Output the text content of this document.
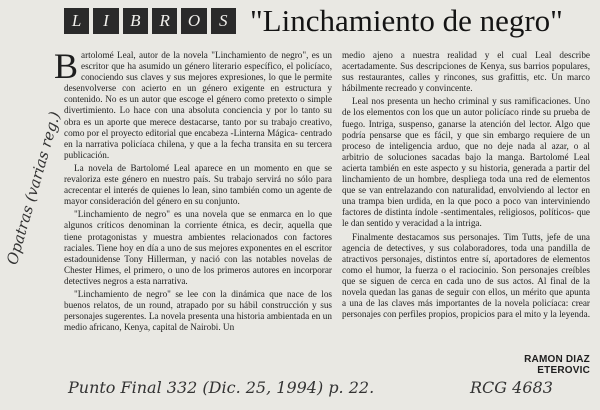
L	I	B	R	O	S "Linchamiento de negro"

Bartolomé Leal, autor de la novela "Linchamiento de negro", es un escritor que ha asumido un género literario específico, el policíaco, conociendo sus claves y sus mejores expresiones, lo que le permite desenvolverse con acierto en un género exigente en estructura y contenido. No es un autor que escoge el género como pretexto o simple divertimiento. Lo hace con una absoluta conciencia y por lo tanto su obra es un aporte que merece destacarse, tanto por su trabajo creativo, como por el proyecto editorial que encabeza -Linterna Mágica- centrado en la narrativa policíaca chilena, y que a la fecha transita en su tercera publicación.

La novela de Bartolomé Leal aparece en un momento en que se revaloriza este género en nuestro país. Su trabajo servirá no sólo para acrecentar el interés de quienes lo lean, sino también como un agente de mayor consideración del género en su conjunto.

"Linchamiento de negro" es una novela que se enmarca en lo que algunos críticos denominan la corriente étnica, es decir, aquella que tiene protagonistas y muestra ambientes relacionados con factores raciales. Tiene hoy en día a uno de sus mejores exponentes en el escritor estadounidense Tony Hillerman, y nació con las notables novelas de Chester Himes, el primero, o uno de los primeros autores en incorporar detectives negros a esta narrativa.

"Linchamiento de negro" se lee con la dinámica que nace de los buenos relatos, de un round, atrapado por su hábil construcción y sus personajes sugerentes. La novela presenta una historia ambientada en un medio africano, Kenya, capital de Nairobi. Un

medio ajeno a nuestra realidad y el cual Leal describe acertadamente. Sus descripciones de Kenya, sus barrios populares, sus restaurantes, calles y rincones, sus grafittis, etc. Un marco hábilmente recreado y convincente.

Leal nos presenta un hecho criminal y sus ramificaciones. Uno de los elementos con los que un autor policíaco rinde su prueba de fuego. Intriga, suspenso, ganarse la atención del lector. Algo que podría pensarse que es fácil, y que sin embargo requiere de un proceso de inteligencia arduo, que no deje nada al azar, o al arbitrio de soluciones sacadas bajo la manga. Bartolomé Leal acierta también en este aspecto y su historia, generada a partir del linchamiento de un hombre, despliega toda una red de elementos que se van entrelazando con naturalidad, envolviendo al lector en una trampa bien urdida, en la que poco a poco van interviniendo factores de distinta índole -sentimentales, religiosos, políticos- que le dan sentido y veracidad a la intriga.

Finalmente destacamos sus personajes. Tim Tutts, jefe de una agencia de detectives, y sus colaboradores, toda una pandilla de atractivos personajes, distintos entre sí, aportadores de elementos como el humor, la fuerza o el raciocinio. Son personajes creíbles que se siguen de cerca en cada uno de sus actos. Al final de la novela quedan las ganas de seguir con ellos, un mérito que apunta a una de las claves más importantes de la novela policíaca: crear personajes con perfiles propios, propicios para el mito y la leyenda.

RAMON DIAZ ETEROVIC
Opatras (varias reg.)
Punto Final 332 (Dic. 25, 1994) p. 22.	RCG 4683
